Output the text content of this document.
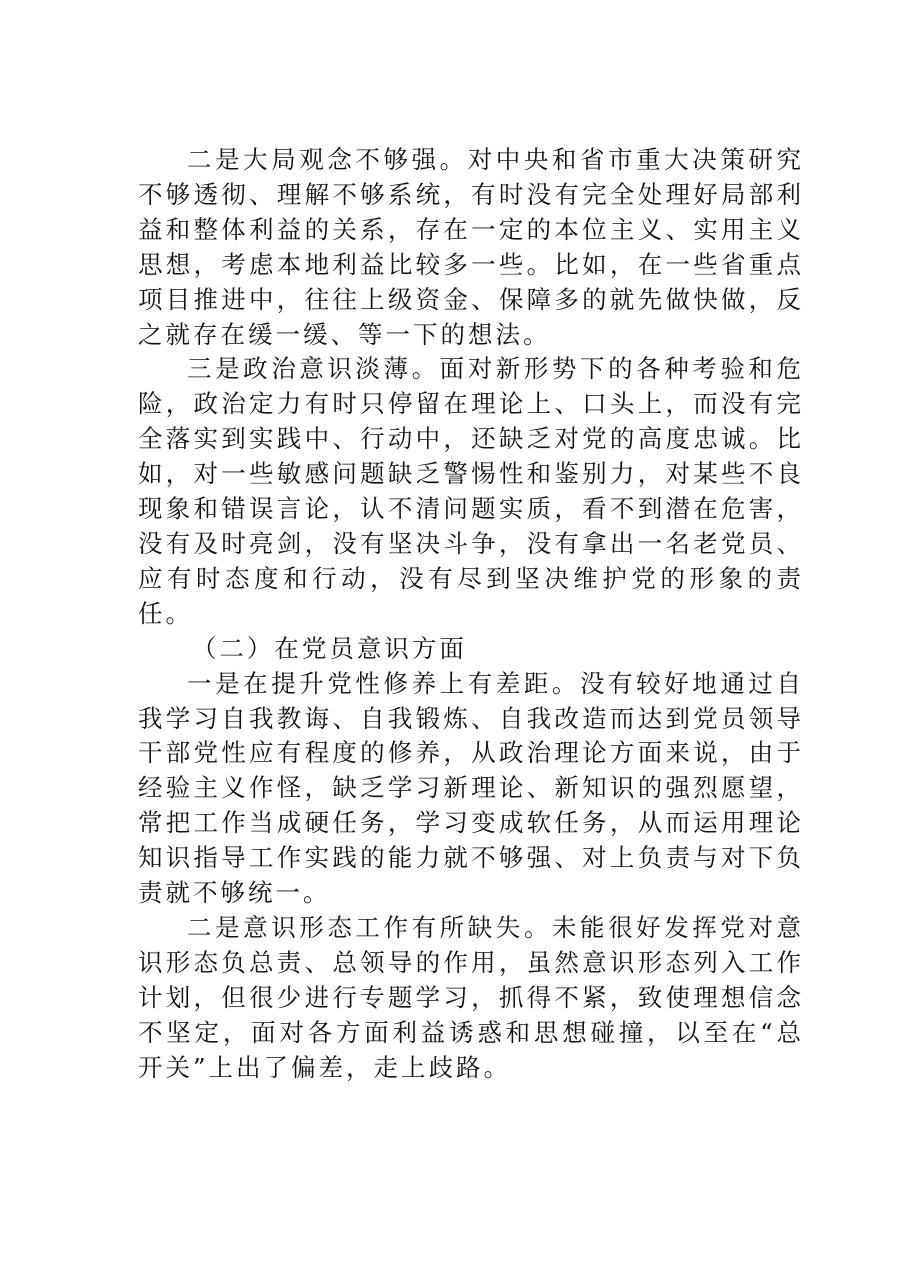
二是大局观念不够强。对中央和省市重大决策研究不够透彻、理解不够系统，有时没有完全处理好局部利益和整体利益的关系，存在一定的本位主义、实用主义思想，考虑本地利益比较多一些。比如，在一些省重点项目推进中，往往上级资金、保障多的就先做快做，反之就存在缓一缓、等一下的想法。

三是政治意识淡薄。面对新形势下的各种考验和危险，政治定力有时只停留在理论上、口头上，而没有完全落实到实践中、行动中，还缺乏对党的高度忠诚。比如，对一些敏感问题缺乏警惕性和鉴别力，对某些不良现象和错误言论，认不清问题实质，看不到潜在危害，没有及时亮剑，没有坚决斗争，没有拿出一名老党员、应有时态度和行动，没有尽到坚决维护党的形象的责任。

（二）在党员意识方面

一是在提升党性修养上有差距。没有较好地通过自我学习自我教诲、自我锻炼、自我改造而达到党员领导干部党性应有程度的修养，从政治理论方面来说，由于经验主义作怪，缺乏学习新理论、新知识的强烈愿望，常把工作当成硬任务，学习变成软任务，从而运用理论知识指导工作实践的能力就不够强、对上负责与对下负责就不够统一。

二是意识形态工作有所缺失。未能很好发挥党对意识形态负总责、总领导的作用，虽然意识形态列入工作计划，但很少进行专题学习，抓得不紧，致使理想信念不坚定，面对各方面利益诱惑和思想碰撞，以至在“总开关”上出了偏差，走上歧路。
